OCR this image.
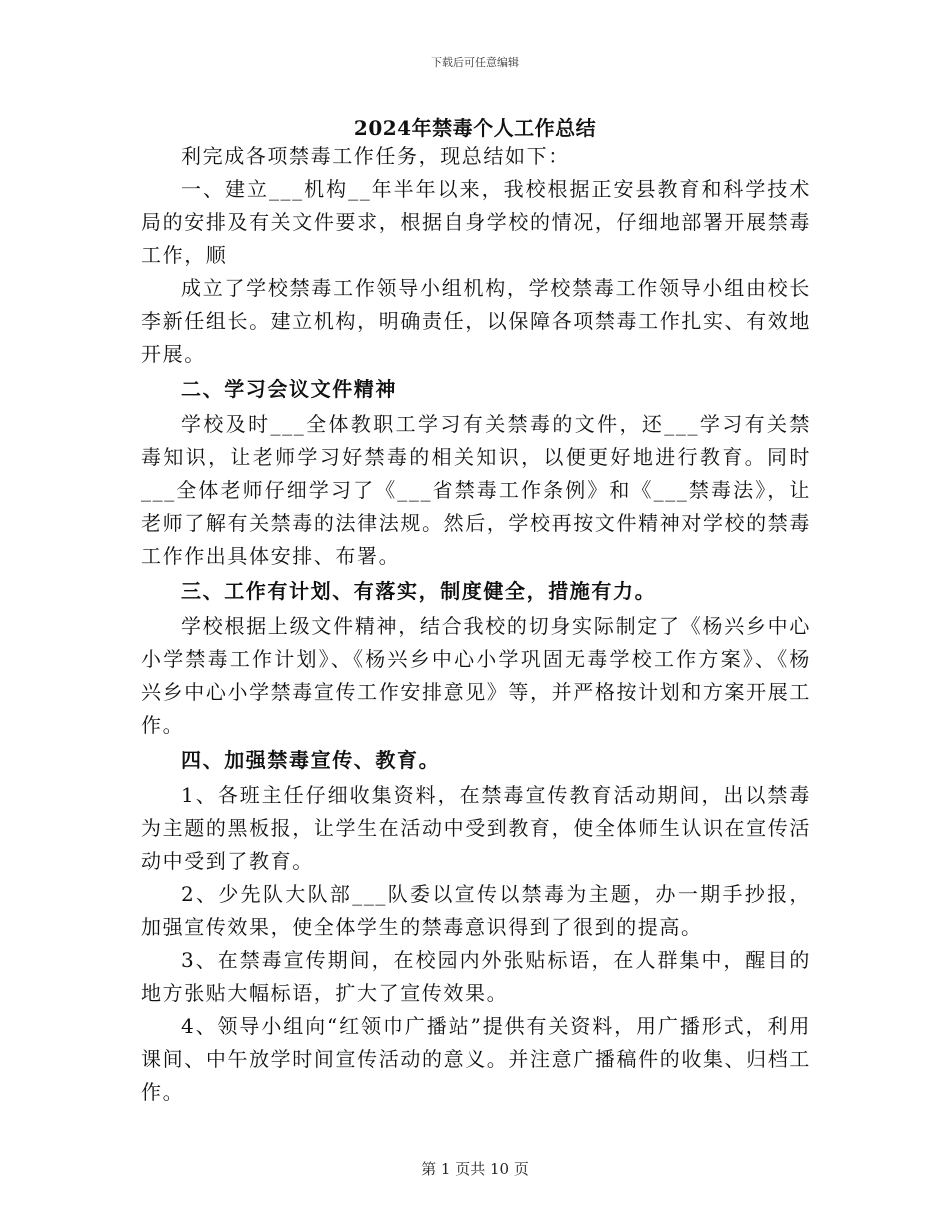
下载后可任意编辑
2024年禁毒个人工作总结

利完成各项禁毒工作任务，现总结如下：

一、建立___机构__年半年以来，我校根据正安县教育和科学技术局的安排及有关文件要求，根据自身学校的情况，仔细地部署开展禁毒工作，顺

成立了学校禁毒工作领导小组机构，学校禁毒工作领导小组由校长李新任组长。建立机构，明确责任，以保障各项禁毒工作扎实、有效地开展。

二、学习会议文件精神

学校及时___全体教职工学习有关禁毒的文件，还___学习有关禁毒知识，让老师学习好禁毒的相关知识，以便更好地进行教育。同时___全体老师仔细学习了《___省禁毒工作条例》和《___禁毒法》，让老师了解有关禁毒的法律法规。然后，学校再按文件精神对学校的禁毒工作作出具体安排、布署。

三、工作有计划、有落实，制度健全，措施有力。

学校根据上级文件精神，结合我校的切身实际制定了《杨兴乡中心小学禁毒工作计划》、《杨兴乡中心小学巩固无毒学校工作方案》、《杨兴乡中心小学禁毒宣传工作安排意见》等，并严格按计划和方案开展工作。

四、加强禁毒宣传、教育。

1、各班主任仔细收集资料，在禁毒宣传教育活动期间，出以禁毒为主题的黑板报，让学生在活动中受到教育，使全体师生认识在宣传活动中受到了教育。

2、少先队大队部___队委以宣传以禁毒为主题，办一期手抄报，加强宣传效果，使全体学生的禁毒意识得到了很到的提高。

3、在禁毒宣传期间，在校园内外张贴标语，在人群集中，醒目的地方张贴大幅标语，扩大了宣传效果。

4、领导小组向“红领巾广播站”提供有关资料，用广播形式，利用课间、中午放学时间宣传活动的意义。并注意广播稿件的收集、归档工作。

第 1 页共 10 页
